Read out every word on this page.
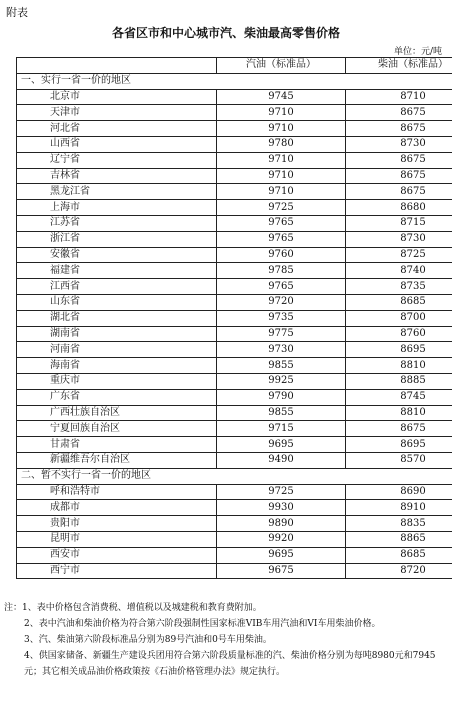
附表
各省区市和中心城市汽、柴油最高零售价格
单位：元/吨
	汽油（标准品）	柴油（标准品）
一、实行一省一价的地区		
北京市	9745	8710
天津市	9710	8675
河北省	9710	8675
山西省	9780	8730
辽宁省	9710	8675
吉林省	9710	8675
黑龙江省	9710	8675
上海市	9725	8680
江苏省	9765	8715
浙江省	9765	8730
安徽省	9760	8725
福建省	9785	8740
江西省	9765	8735
山东省	9720	8685
湖北省	9735	8700
湖南省	9775	8760
河南省	9730	8695
海南省	9855	8810
重庆市	9925	8885
广东省	9790	8745
广西壮族自治区	9855	8810
宁夏回族自治区	9715	8675
甘肃省	9695	8695
新疆维吾尔自治区	9490	8570
二、暂不实行一省一价的地区		
呼和浩特市	9725	8690
成都市	9930	8910
贵阳市	9890	8835
昆明市	9920	8865
西安市	9695	8685
西宁市	9675	8720

注：1、表中价格包含消费税、增值税以及城建税和教育费附加。

2、表中汽油和柴油价格为符合第六阶段强制性国家标准VIB车用汽油和VI车用柴油价格。

3、汽、柴油第六阶段标准品分别为89号汽油和0号车用柴油。

4、供国家储备、新疆生产建设兵团用符合第六阶段质量标准的汽、柴油价格分别为每吨8980元和7945元；其它相关成品油价格政策按《石油价格管理办法》规定执行。
